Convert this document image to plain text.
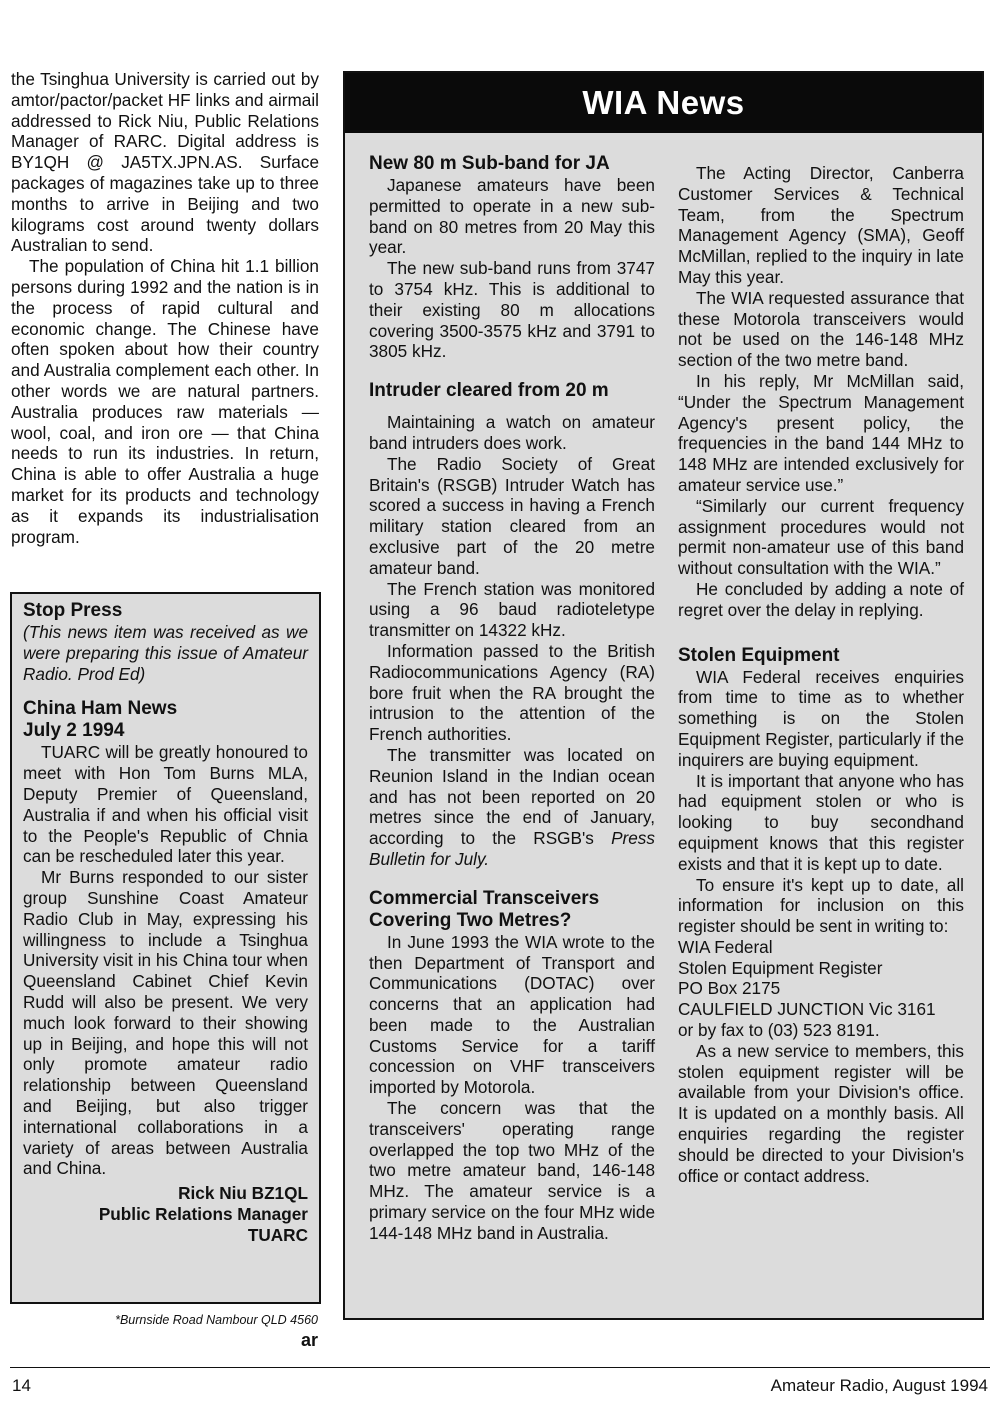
the Tsinghua University is carried out by amtor/pactor/packet HF links and airmail addressed to Rick Niu, Public Relations Manager of RARC. Digital address is BY1QH @ JA5TX.JPN.AS. Surface packages of magazines take up to three months to arrive in Beijing and two kilograms cost around twenty dollars Australian to send.

The population of China hit 1.1 billion persons during 1992 and the nation is in the process of rapid cultural and economic change. The Chinese have often spoken about how their country and Australia complement each other. In other words we are natural partners. Australia produces raw materials — wool, coal, and iron ore — that China needs to run its industries. In return, China is able to offer Australia a huge market for its products and technology as it expands its industrialisation program.

Stop Press

(This news item was received as we were preparing this issue of Amateur Radio. Prod Ed)

China Ham News
July 2 1994

TUARC will be greatly honoured to meet with Hon Tom Burns MLA, Deputy Premier of Queensland, Australia if and when his official visit to the People's Republic of Chnia can be rescheduled later this year.

Mr Burns responded to our sister group Sunshine Coast Amateur Radio Club in May, expressing his willingness to include a Tsinghua University visit in his China tour when Queensland Cabinet Chief Kevin Rudd will also be present. We very much look forward to their showing up in Beijing, and hope this will not only promote amateur radio relationship between Queensland and Beijing, but also trigger international collaborations in a variety of areas between Australia and China.

Rick Niu BZ1QL
Public Relations Manager
TUARC
*Burnside Road Nambour QLD 4560
ar
WIA News
New 80 m Sub-band for JA

Japanese amateurs have been permitted to operate in a new sub-band on 80 metres from 20 May this year.

The new sub-band runs from 3747 to 3754 kHz. This is additional to their existing 80 m allocations covering 3500-3575 kHz and 3791 to 3805 kHz.

Intruder cleared from 20 m

Maintaining a watch on amateur band intruders does work.

The Radio Society of Great Britain's (RSGB) Intruder Watch has scored a success in having a French military station cleared from an exclusive part of the 20 metre amateur band.

The French station was monitored using a 96 baud radioteletype transmitter on 14322 kHz.

Information passed to the British Radiocommunications Agency (RA) bore fruit when the RA brought the intrusion to the attention of the French authorities.

The transmitter was located on Reunion Island in the Indian ocean and has not been reported on 20 metres since the end of January, according to the RSGB's Press Bulletin for July.

Commercial Transceivers Covering Two Metres?

In June 1993 the WIA wrote to the then Department of Transport and Communications (DOTAC) over concerns that an application had been made to the Australian Customs Service for a tariff concession on VHF transceivers imported by Motorola.

The concern was that the transceivers' operating range overlapped the top two MHz of the two metre amateur band, 146-148 MHz. The amateur service is a primary service on the four MHz wide 144-148 MHz band in Australia.

The Acting Director, Canberra Customer Services & Technical Team, from the Spectrum Management Agency (SMA), Geoff McMillan, replied to the inquiry in late May this year.

The WIA requested assurance that these Motorola transceivers would not be used on the 146-148 MHz section of the two metre band.

In his reply, Mr McMillan said, “Under the Spectrum Management Agency's present policy, the frequencies in the band 144 MHz to 148 MHz are intended exclusively for amateur service use.”

“Similarly our current frequency assignment procedures would not permit non-amateur use of this band without consultation with the WIA.”

He concluded by adding a note of regret over the delay in replying.

Stolen Equipment

WIA Federal receives enquiries from time to time as to whether something is on the Stolen Equipment Register, particularly if the inquirers are buying equipment.

It is important that anyone who has had equipment stolen or who is looking to buy secondhand equipment knows that this register exists and that it is kept up to date.

To ensure it's kept up to date, all information for inclusion on this register should be sent in writing to:

WIA Federal

Stolen Equipment Register

PO Box 2175

CAULFIELD JUNCTION Vic 3161

or by fax to (03) 523 8191.

As a new service to members, this stolen equipment register will be available from your Division's office. It is updated on a monthly basis. All enquiries regarding the register should be directed to your Division's office or contact address.

14	Amateur Radio, August 1994
